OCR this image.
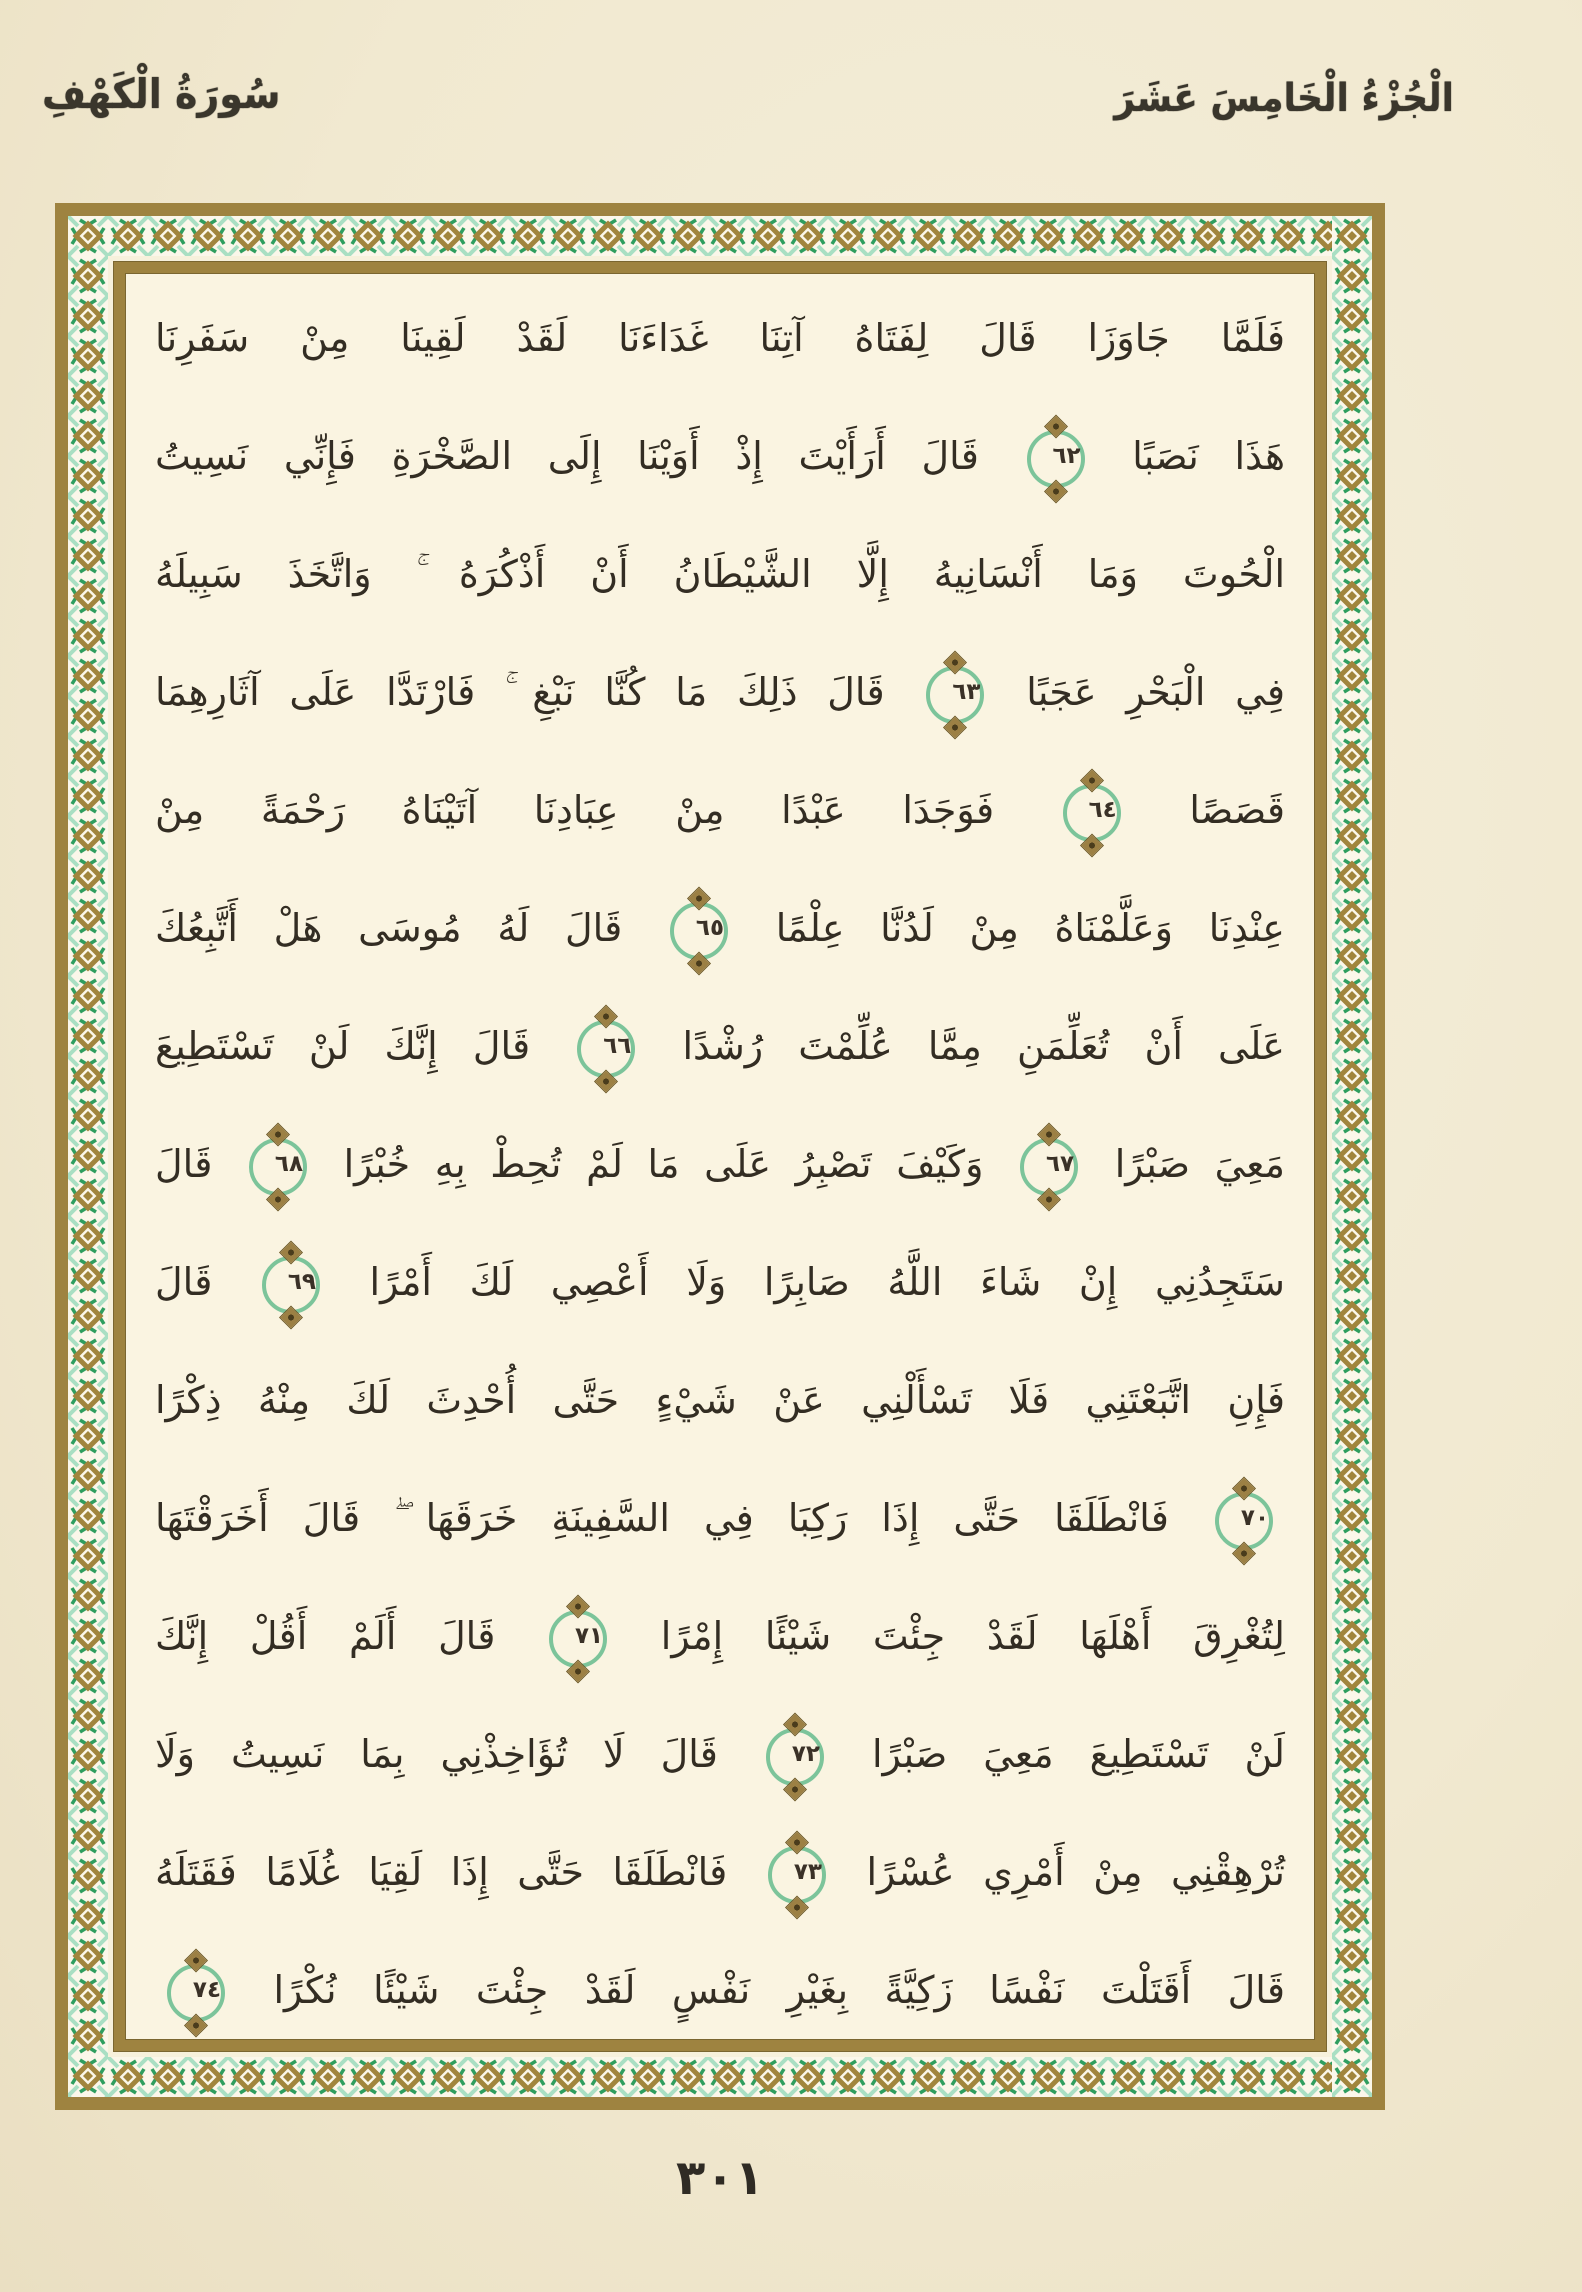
سُورَةُ الْكَهْفِ	الْجُزْءُ الْخَامِسَ عَشَرَ
فَلَمَّا جَاوَزَا قَالَ لِفَتَاهُ آتِنَا غَدَاءَنَا لَقَدْ لَقِينَا مِنْ سَفَرِنَا
هَذَا نَصَبًا ٦٢ قَالَ أَرَأَيْتَ إِذْ أَوَيْنَا إِلَى الصَّخْرَةِ فَإِنِّي نَسِيتُ
الْحُوتَ وَمَا أَنْسَانِيهُ إِلَّا الشَّيْطَانُ أَنْ أَذْكُرَهُ ۚ وَاتَّخَذَ سَبِيلَهُ
فِي الْبَحْرِ عَجَبًا ٦٣ قَالَ ذَلِكَ مَا كُنَّا نَبْغِ ۚ فَارْتَدَّا عَلَى آثَارِهِمَا
قَصَصًا ٦٤ فَوَجَدَا عَبْدًا مِنْ عِبَادِنَا آتَيْنَاهُ رَحْمَةً مِنْ
عِنْدِنَا وَعَلَّمْنَاهُ مِنْ لَدُنَّا عِلْمًا ٦٥ قَالَ لَهُ مُوسَى هَلْ أَتَّبِعُكَ
عَلَى أَنْ تُعَلِّمَنِ مِمَّا عُلِّمْتَ رُشْدًا ٦٦ قَالَ إِنَّكَ لَنْ تَسْتَطِيعَ
مَعِيَ صَبْرًا ٦٧ وَكَيْفَ تَصْبِرُ عَلَى مَا لَمْ تُحِطْ بِهِ خُبْرًا ٦٨ قَالَ
سَتَجِدُنِي إِنْ شَاءَ اللَّهُ صَابِرًا وَلَا أَعْصِي لَكَ أَمْرًا ٦٩ قَالَ
فَإِنِ اتَّبَعْتَنِي فَلَا تَسْأَلْنِي عَنْ شَيْءٍ حَتَّى أُحْدِثَ لَكَ مِنْهُ ذِكْرًا
٧٠ فَانْطَلَقَا حَتَّى إِذَا رَكِبَا فِي السَّفِينَةِ خَرَقَهَا ۖ قَالَ أَخَرَقْتَهَا
لِتُغْرِقَ أَهْلَهَا لَقَدْ جِئْتَ شَيْئًا إِمْرًا ٧١ قَالَ أَلَمْ أَقُلْ إِنَّكَ
لَنْ تَسْتَطِيعَ مَعِيَ صَبْرًا ٧٢ قَالَ لَا تُؤَاخِذْنِي بِمَا نَسِيتُ وَلَا
تُرْهِقْنِي مِنْ أَمْرِي عُسْرًا ٧٣ فَانْطَلَقَا حَتَّى إِذَا لَقِيَا غُلَامًا فَقَتَلَهُ
قَالَ أَقَتَلْتَ نَفْسًا زَكِيَّةً بِغَيْرِ نَفْسٍ لَقَدْ جِئْتَ شَيْئًا نُكْرًا ٧٤
٣٠١
